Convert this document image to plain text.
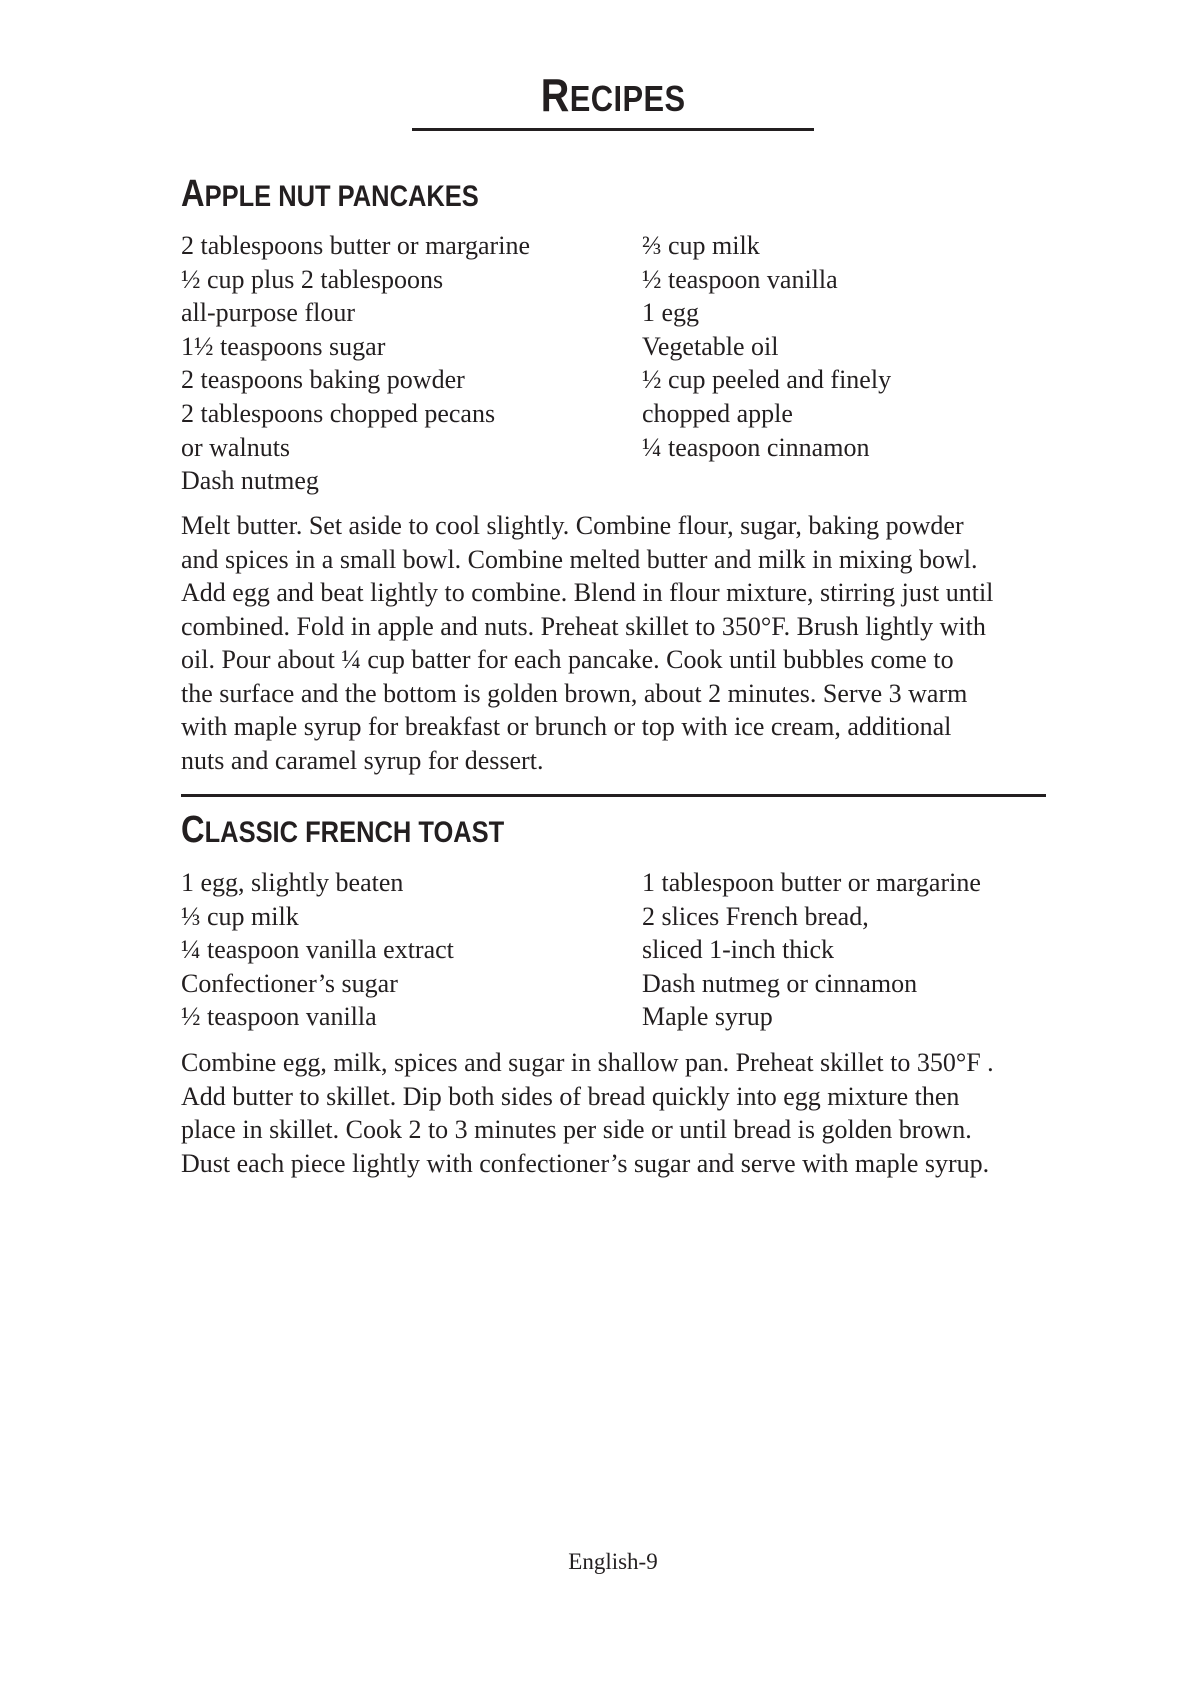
RECIPES
APPLE NUT PANCAKES
2 tablespoons butter or margarine
½ cup plus 2 tablespoons
all-purpose flour
1½ teaspoons sugar
2 teaspoons baking powder
2 tablespoons chopped pecans
or walnuts
Dash nutmeg
⅔ cup milk
½ teaspoon vanilla
1 egg
Vegetable oil
½ cup peeled and finely
chopped apple
¼ teaspoon cinnamon
Melt butter. Set aside to cool slightly. Combine flour, sugar, baking powder
and spices in a small bowl. Combine melted butter and milk in mixing bowl.
Add egg and beat lightly to combine. Blend in flour mixture, stirring just until
combined. Fold in apple and nuts. Preheat skillet to 350°F. Brush lightly with
oil. Pour about ¼ cup batter for each pancake. Cook until bubbles come to
the surface and the bottom is golden brown, about 2 minutes. Serve 3 warm
with maple syrup for breakfast or brunch or top with ice cream, additional
nuts and caramel syrup for dessert.
CLASSIC FRENCH TOAST
1 egg, slightly beaten
⅓ cup milk
¼ teaspoon vanilla extract
Confectioner’s sugar
½ teaspoon vanilla
1 tablespoon butter or margarine
2 slices French bread,
sliced 1-inch thick
Dash nutmeg or cinnamon
Maple syrup
Combine egg, milk, spices and sugar in shallow pan. Preheat skillet to 350°F .
Add butter to skillet. Dip both sides of bread quickly into egg mixture then
place in skillet. Cook 2 to 3 minutes per side or until bread is golden brown.
Dust each piece lightly with confectioner’s sugar and serve with maple syrup.
English-9
